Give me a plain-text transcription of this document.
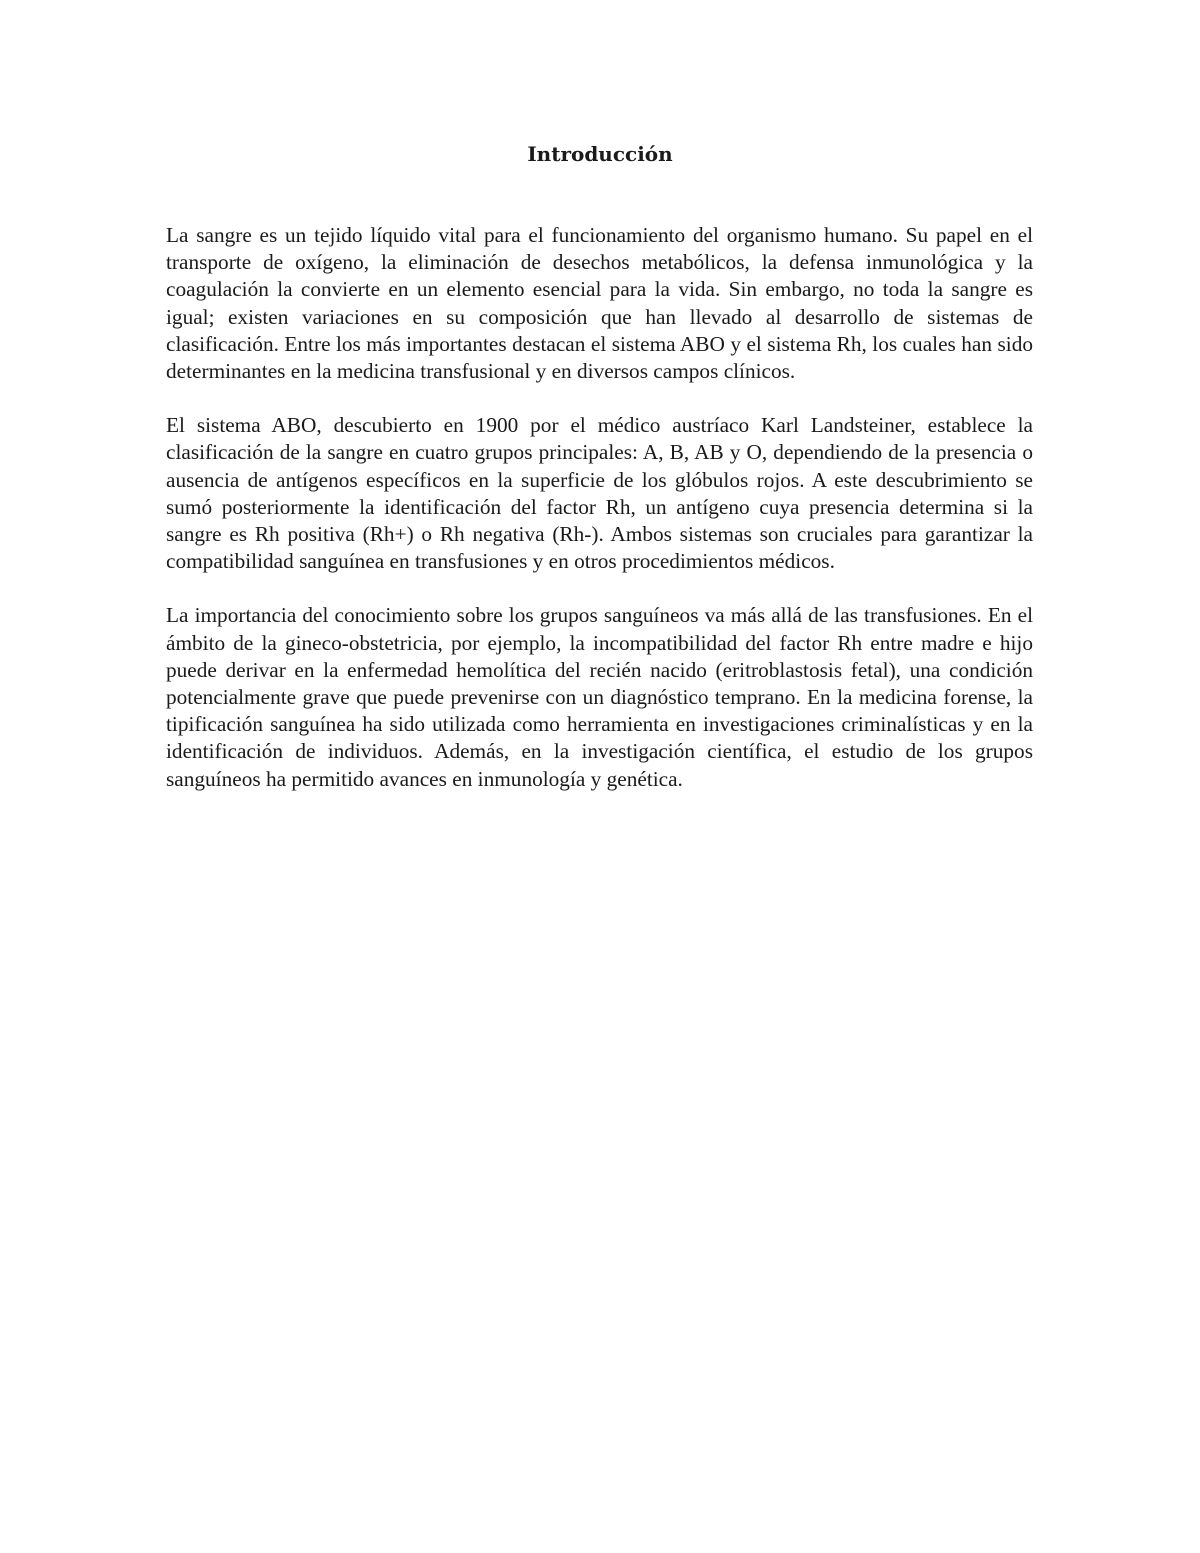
Introducción

La sangre es un tejido líquido vital para el funcionamiento del organismo humano. Su papel en el transporte de oxígeno, la eliminación de desechos metabólicos, la defensa inmunológica y la coagulación la convierte en un elemento esencial para la vida. Sin embargo, no toda la sangre es igual; existen variaciones en su composición que han llevado al desarrollo de sistemas de clasificación. Entre los más importantes destacan el sistema ABO y el sistema Rh, los cuales han sido determinantes en la medicina transfusional y en diversos campos clínicos.

El sistema ABO, descubierto en 1900 por el médico austríaco Karl Landsteiner, establece la clasificación de la sangre en cuatro grupos principales: A, B, AB y O, dependiendo de la presencia o ausencia de antígenos específicos en la superficie de los glóbulos rojos. A este descubrimiento se sumó posteriormente la identificación del factor Rh, un antígeno cuya presencia determina si la sangre es Rh positiva (Rh+) o Rh negativa (Rh-). Ambos sistemas son cruciales para garantizar la compatibilidad sanguínea en transfusiones y en otros procedimientos médicos.

La importancia del conocimiento sobre los grupos sanguíneos va más allá de las transfusiones. En el ámbito de la gineco-obstetricia, por ejemplo, la incompatibilidad del factor Rh entre madre e hijo puede derivar en la enfermedad hemolítica del recién nacido (eritroblastosis fetal), una condición potencialmente grave que puede prevenirse con un diagnóstico temprano. En la medicina forense, la tipificación sanguínea ha sido utilizada como herramienta en investigaciones criminalísticas y en la identificación de individuos. Además, en la investigación científica, el estudio de los grupos sanguíneos ha permitido avances en inmunología y genética.
